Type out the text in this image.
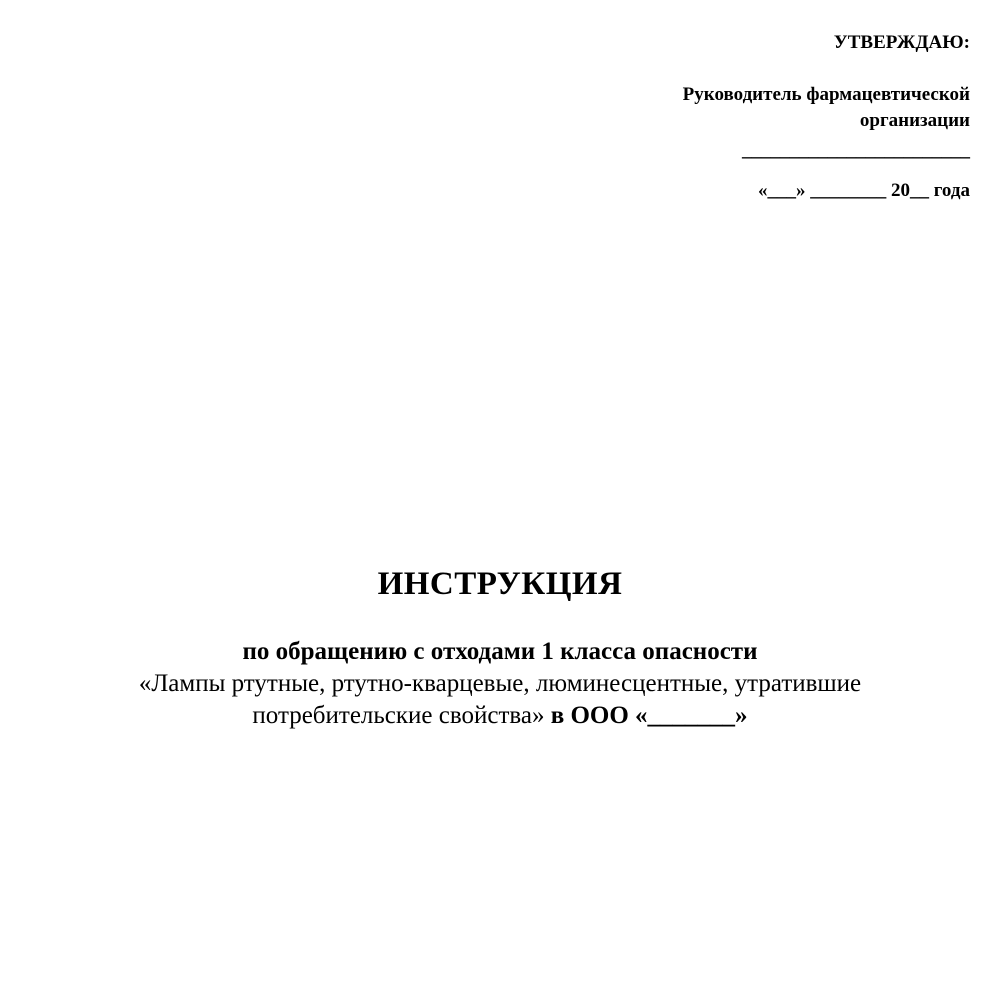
УТВЕРЖДАЮ:
Руководитель фармацевтической
организации
________________________
«___» ________ 20__ года
ИНСТРУКЦИЯ
по обращению с отходами 1 класса опасности
«Лампы ртутные, ртутно-кварцевые, люминесцентные, утратившие
потребительские свойства» в ООО «_______»
